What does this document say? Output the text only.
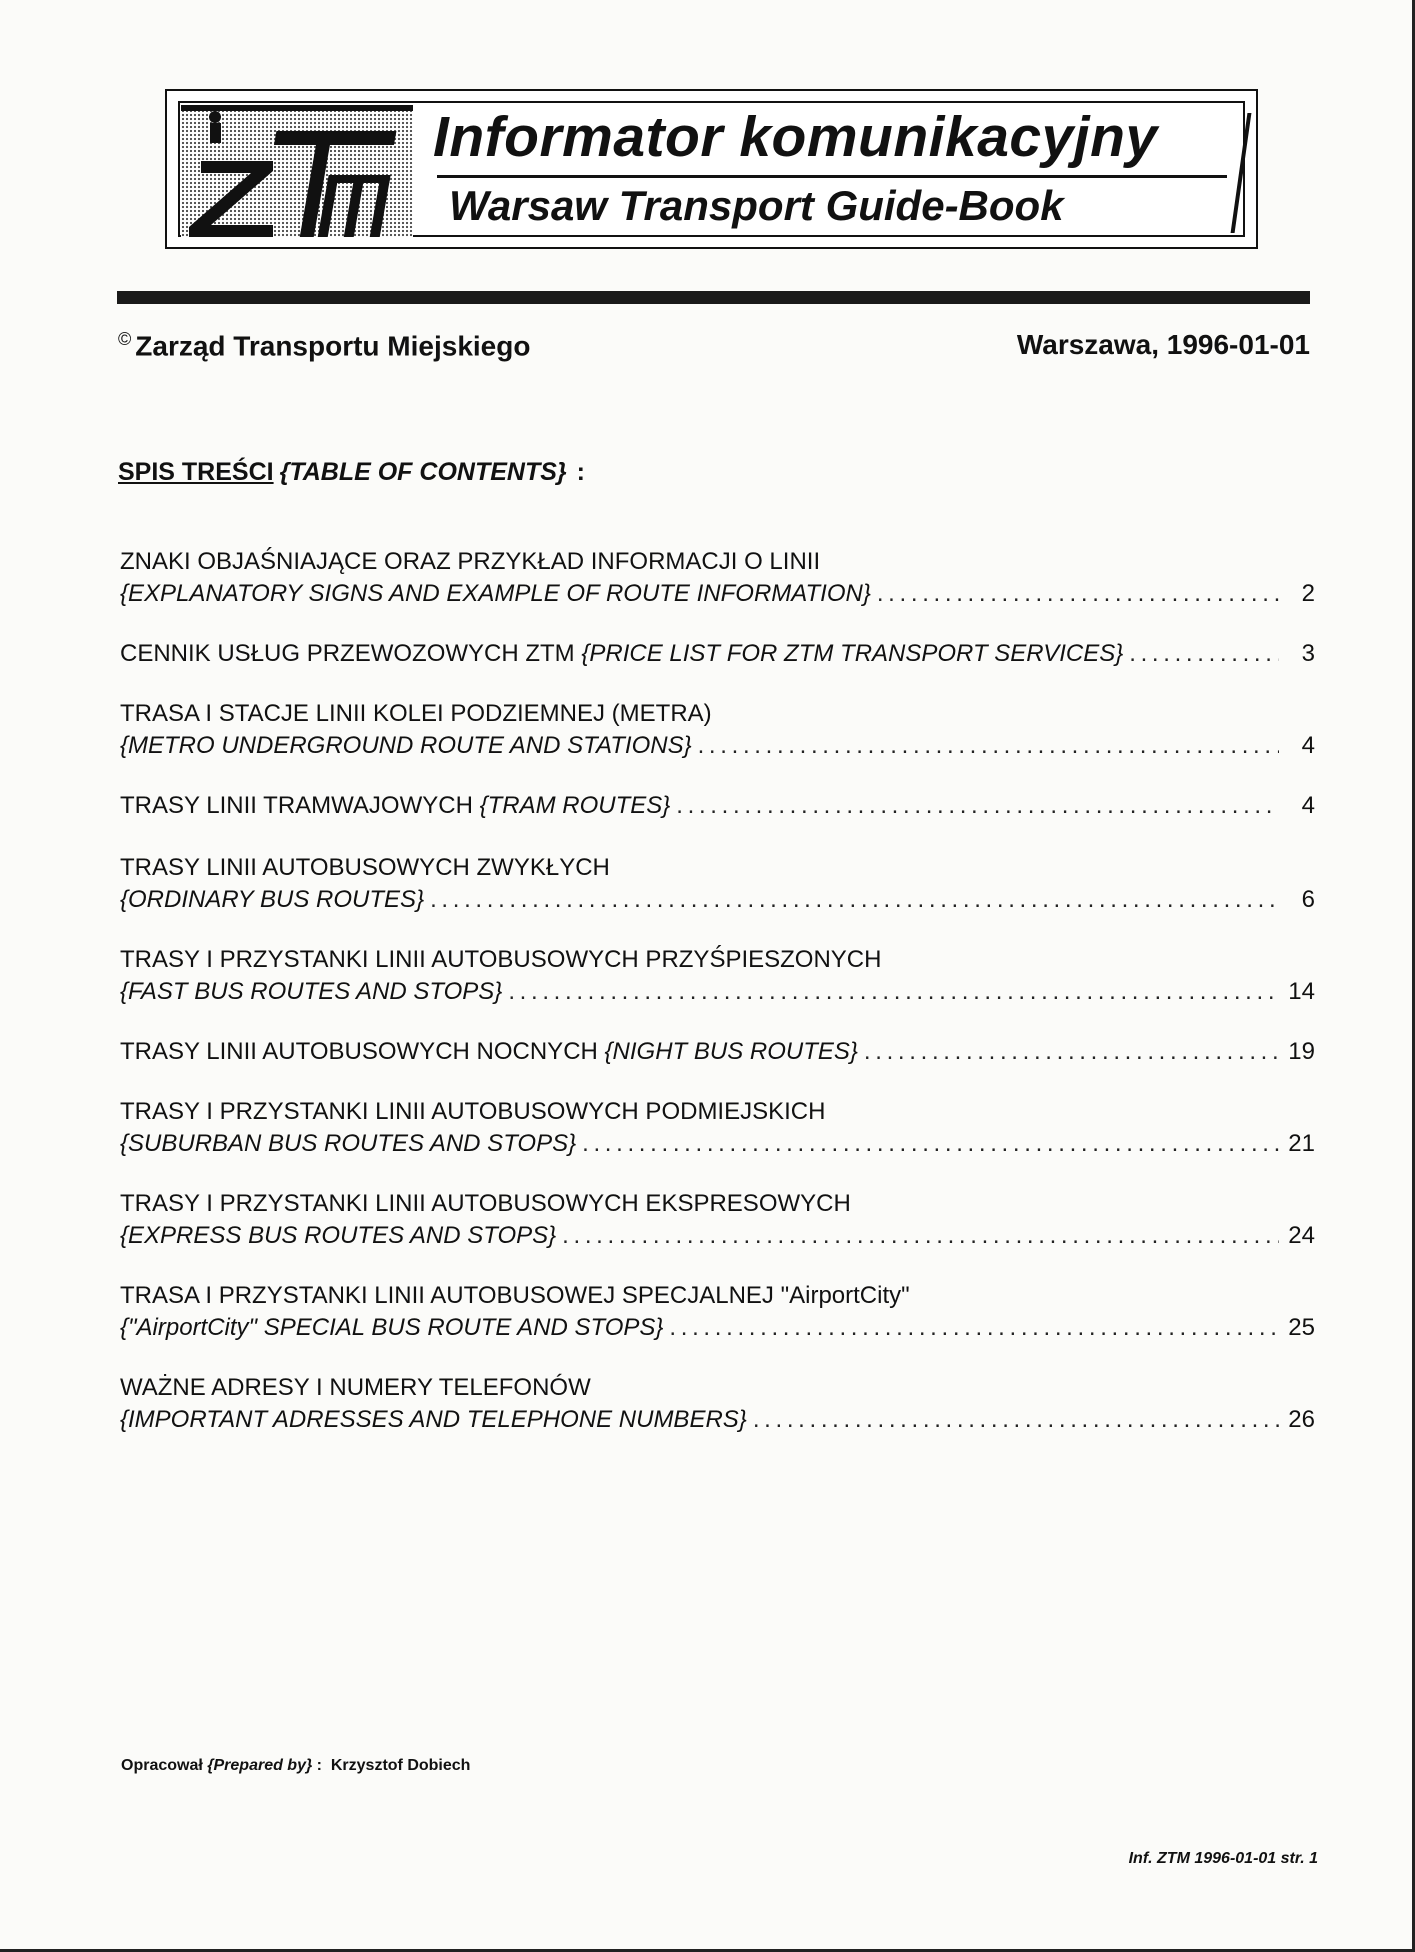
Informator komunikacyjny
Warsaw Transport Guide-Book

© Zarząd Transportu Miejskiego	Warszawa, 1996-01-01

SPIS TREŚCI {TABLE OF CONTENTS} :
ZNAKI OBJAŚNIAJĄCE ORAZ PRZYKŁAD INFORMACJI O LINII
{EXPLANATORY SIGNS AND EXAMPLE OF ROUTE INFORMATION} . . .	2
CENNIK USŁUG PRZEWOZOWYCH ZTM {PRICE LIST FOR ZTM TRANSPORT SERVICES} . . .	3
TRASA I STACJE LINII KOLEI PODZIEMNEJ (METRA)
{METRO UNDERGROUND ROUTE AND STATIONS} . . .	4
TRASY LINII TRAMWAJOWYCH {TRAM ROUTES} . . .	4
TRASY LINII AUTOBUSOWYCH ZWYKŁYCH
{ORDINARY BUS ROUTES} . . .	6
TRASY I PRZYSTANKI LINII AUTOBUSOWYCH PRZYŚPIESZONYCH
{FAST BUS ROUTES AND STOPS} . . .	14
TRASY LINII AUTOBUSOWYCH NOCNYCH {NIGHT BUS ROUTES} . . .	19
TRASY I PRZYSTANKI LINII AUTOBUSOWYCH PODMIEJSKICH
{SUBURBAN BUS ROUTES AND STOPS} . . .	21
TRASY I PRZYSTANKI LINII AUTOBUSOWYCH EKSPRESOWYCH
{EXPRESS BUS ROUTES AND STOPS} . . .	24
TRASA I PRZYSTANKI LINII AUTOBUSOWEJ SPECJALNEJ "AirportCity"
{"AirportCity" SPECIAL BUS ROUTE AND STOPS} . . .	25
WAŻNE ADRESY I NUMERY TELEFONÓW
{IMPORTANT ADRESSES AND TELEPHONE NUMBERS} . . .	26

Opracował {Prepared by} : Krzysztof Dobiech

Inf. ZTM 1996-01-01 str. 1
